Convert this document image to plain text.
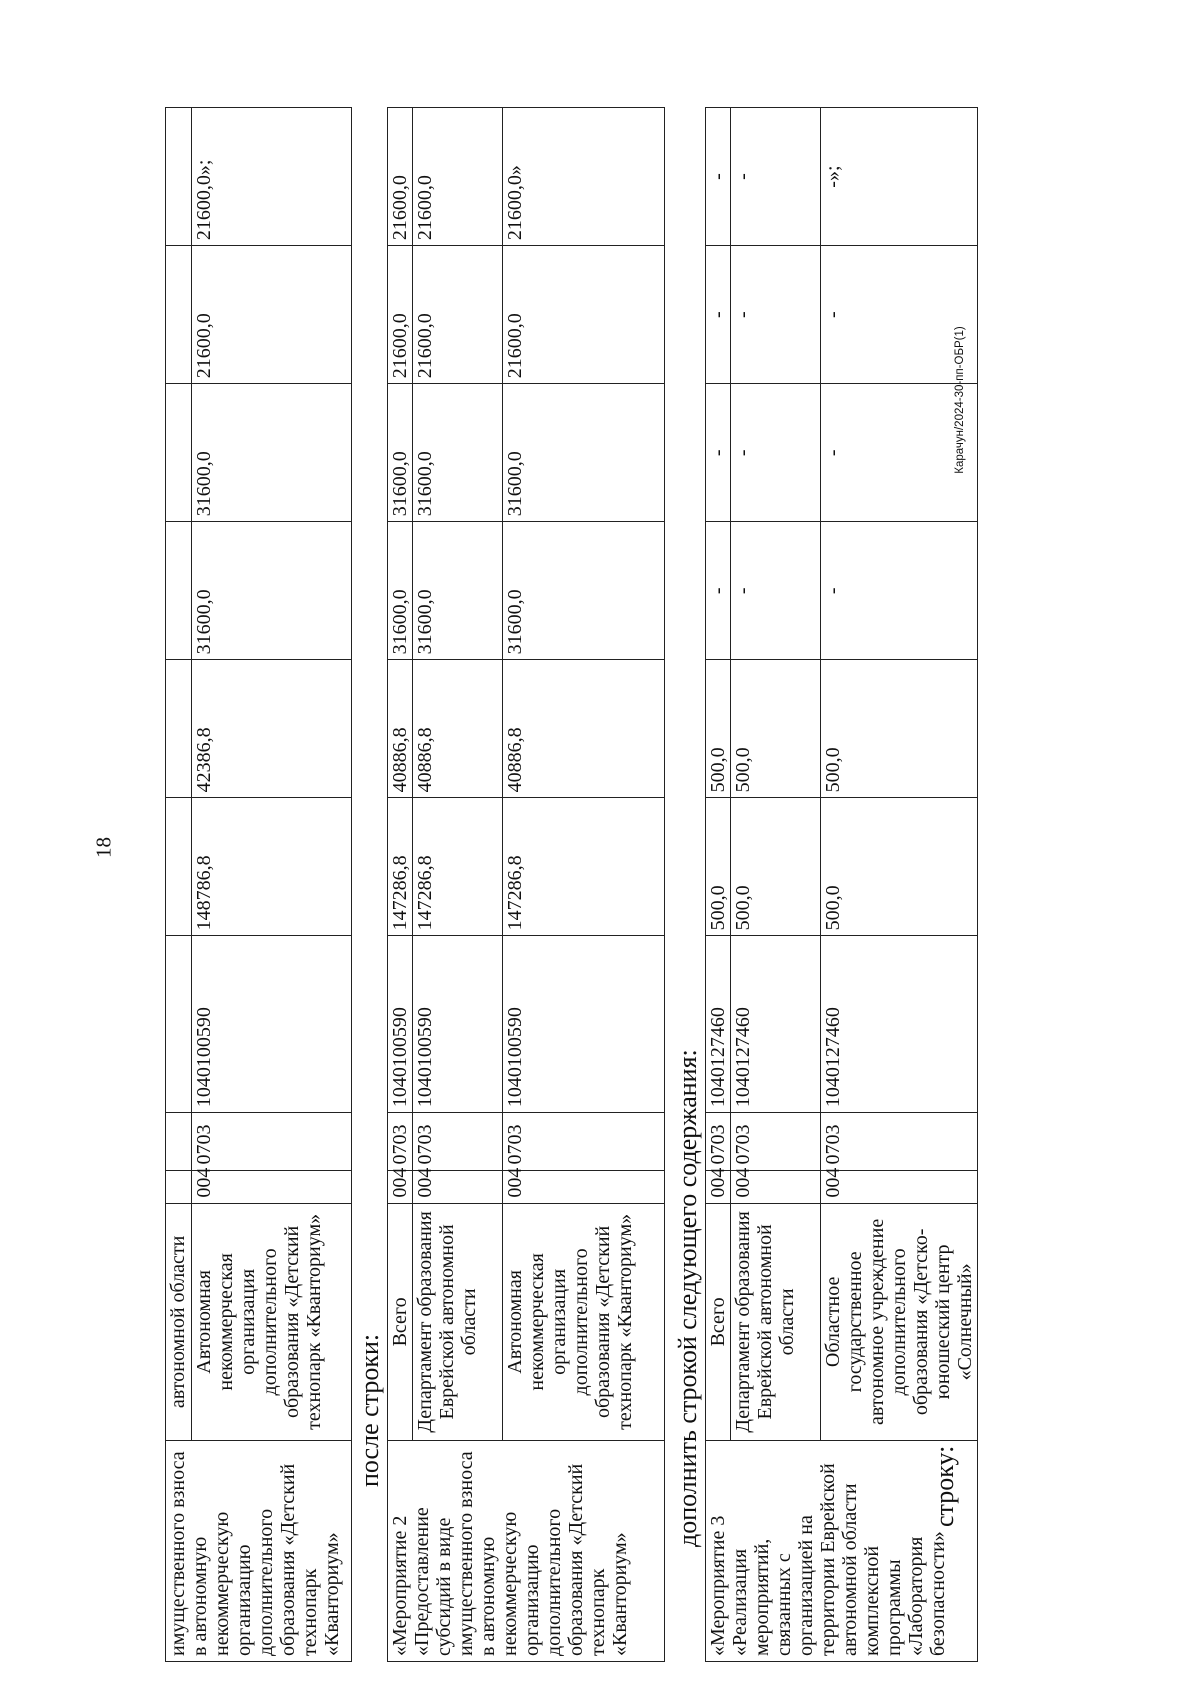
18
Карачун/2024-30-пп-ОБР(1)
имущественного взноса в автономную некоммерческую организацию дополнительного образования «Детский технопарк «Кванториум»	автономной области									
	Автономная некоммерческая организация дополнительного образования «Детский технопарк «Кванториум»	004	0703	1040100590	148786,8	42386,8	31600,0	31600,0	21600,0	21600,0»;
после строки:
«Мероприятие 2 «Предоставление субсидий в виде имущественного взноса в автономную некоммерческую организацию дополнительного образования «Детский технопарк «Кванториум»	Всего	004	0703	1040100590	147286,8	40886,8	31600,0	31600,0	21600,0	21600,0
	Департамент образования Еврейской автономной области	004	0703	1040100590	147286,8	40886,8	31600,0	31600,0	21600,0	21600,0
	Автономная некоммерческая организация дополнительного образования «Детский технопарк «Кванториум»	004	0703	1040100590	147286,8	40886,8	31600,0	31600,0	21600,0	21600,0»
дополнить строкой следующего содержания:
«Мероприятие 3 «Реализация мероприятий, связанных с организацией на территории Еврейской автономной области комплексной программы «Лаборатория безопасности»	Всего	004	0703	1040127460	500,0	500,0	-	-	-	-
	Департамент образования Еврейской автономной области	004	0703	1040127460	500,0	500,0	-	-	-	-
	Областное государственное автономное учреждение дополнительного образования «Детско-юношеский центр «Солнечный»	004	0703	1040127460	500,0	500,0	-	-	-	-»;
строку:
